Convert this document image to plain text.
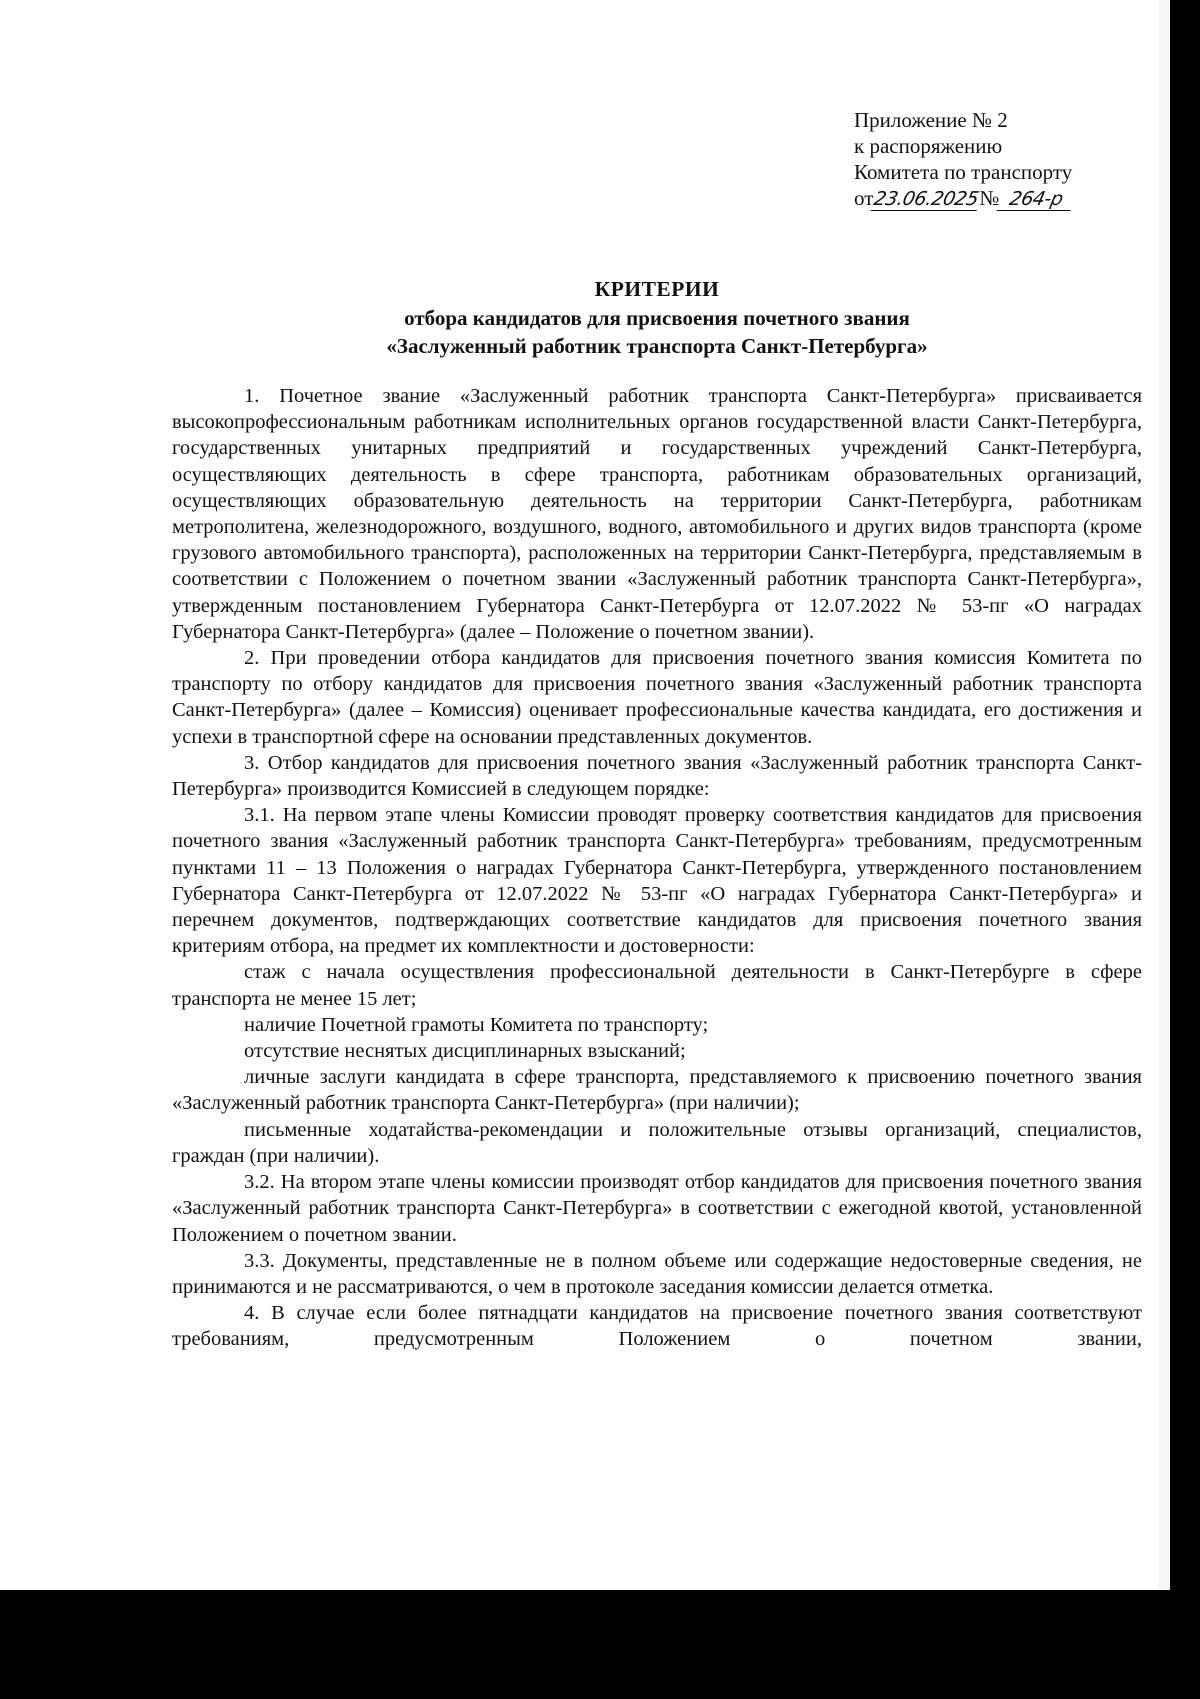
Приложение № 2
к распоряжению
Комитета по транспорту
от23.06.2025№ 264-р
КРИТЕРИИ
отбора кандидатов для присвоения почетного звания
«Заслуженный работник транспорта Санкт-Петербурга»

1. Почетное звание «Заслуженный работник транспорта Санкт-Петербурга» присваивается высокопрофессиональным работникам исполнительных органов государственной власти Санкт-Петербурга, государственных унитарных предприятий и государственных учреждений Санкт-Петербурга, осуществляющих деятельность в сфере транспорта, работникам образовательных организаций, осуществляющих образовательную деятельность на территории Санкт-Петербурга, работникам метрополитена, железнодорожного, воздушного, водного, автомобильного и других видов транспорта (кроме грузового автомобильного транспорта), расположенных на территории Санкт-Петербурга, представляемым в соответствии с Положением о почетном звании «Заслуженный работник транспорта Санкт-Петербурга», утвержденным постановлением Губернатора Санкт-Петербурга от 12.07.2022 № 53-пг «О наградах Губернатора Санкт-Петербурга» (далее – Положение о почетном звании).

2. При проведении отбора кандидатов для присвоения почетного звания комиссия Комитета по транспорту по отбору кандидатов для присвоения почетного звания «Заслуженный работник транспорта Санкт-Петербурга» (далее – Комиссия) оценивает профессиональные качества кандидата, его достижения и успехи в транспортной сфере на основании представленных документов.

3. Отбор кандидатов для присвоения почетного звания «Заслуженный работник транспорта Санкт-Петербурга» производится Комиссией в следующем порядке:

3.1. На первом этапе члены Комиссии проводят проверку соответствия кандидатов для присвоения почетного звания «Заслуженный работник транспорта Санкт-Петербурга» требованиям, предусмотренным пунктами 11 – 13 Положения о наградах Губернатора Санкт-Петербурга, утвержденного постановлением Губернатора Санкт-Петербурга от 12.07.2022 № 53-пг «О наградах Губернатора Санкт-Петербурга» и перечнем документов, подтверждающих соответствие кандидатов для присвоения почетного звания критериям отбора, на предмет их комплектности и достоверности:

стаж с начала осуществления профессиональной деятельности в Санкт-Петербурге в сфере транспорта не менее 15 лет;

наличие Почетной грамоты Комитета по транспорту;

отсутствие неснятых дисциплинарных взысканий;

личные заслуги кандидата в сфере транспорта, представляемого к присвоению почетного звания «Заслуженный работник транспорта Санкт-Петербурга» (при наличии);

письменные ходатайства-рекомендации и положительные отзывы организаций, специалистов, граждан (при наличии).

3.2. На втором этапе члены комиссии производят отбор кандидатов для присвоения почетного звания «Заслуженный работник транспорта Санкт-Петербурга» в соответствии с ежегодной квотой, установленной Положением о почетном звании.

3.3. Документы, представленные не в полном объеме или содержащие недостоверные сведения, не принимаются и не рассматриваются, о чем в протоколе заседания комиссии делается отметка.

4. В случае если более пятнадцати кандидатов на присвоение почетного звания соответствуют требованиям, предусмотренным Положением о почетном звании,
